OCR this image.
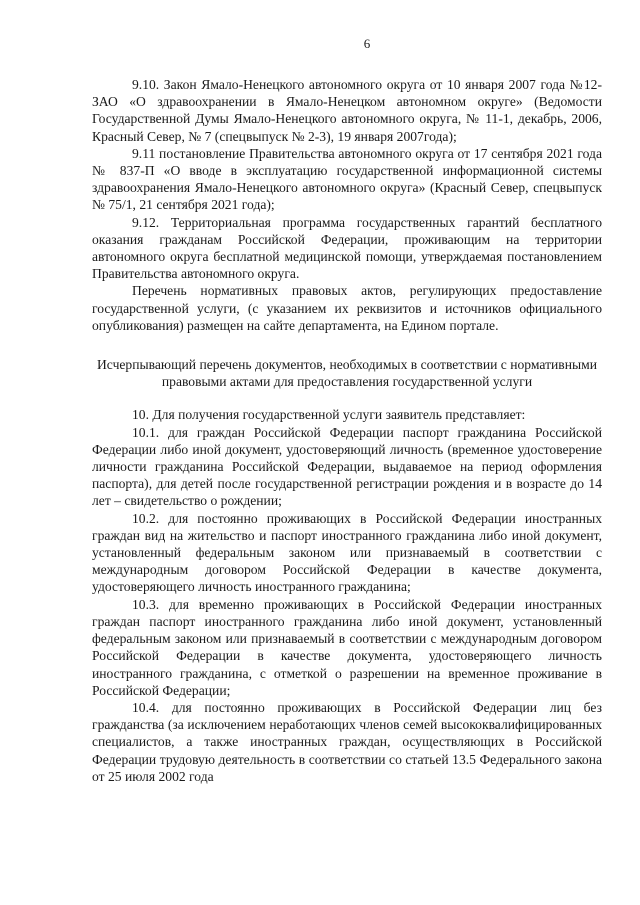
6

9.10. Закон Ямало-Ненецкого автономного округа от 10 января 2007 года №12-ЗАО «О здравоохранении в Ямало-Ненецком автономном округе» (Ведомости Государственной Думы Ямало-Ненецкого автономного округа, № 11-1, декабрь, 2006, Красный Север, № 7 (спецвыпуск № 2-3), 19 января 2007года);

9.11 постановление Правительства автономного округа от 17 сентября 2021 года № 837-П «О вводе в эксплуатацию государственной информационной системы здравоохранения Ямало-Ненецкого автономного округа» (Красный Север, спецвыпуск № 75/1, 21 сентября 2021 года);

9.12. Территориальная программа государственных гарантий бесплатного оказания гражданам Российской Федерации, проживающим на территории автономного округа бесплатной медицинской помощи, утверждаемая постановлением Правительства автономного округа.

Перечень нормативных правовых актов, регулирующих предоставление государственной услуги, (с указанием их реквизитов и источников официального опубликования) размещен на сайте департамента, на Едином портале.

Исчерпывающий перечень документов, необходимых в соответствии с нормативными правовыми актами для предоставления государственной услуги

10. Для получения государственной услуги заявитель представляет:

10.1. для граждан Российской Федерации паспорт гражданина Российской Федерации либо иной документ, удостоверяющий личность (временное удостоверение личности гражданина Российской Федерации, выдаваемое на период оформления паспорта), для детей после государственной регистрации рождения и в возрасте до 14 лет – свидетельство о рождении;

10.2. для постоянно проживающих в Российской Федерации иностранных граждан вид на жительство и паспорт иностранного гражданина либо иной документ, установленный федеральным законом или признаваемый в соответствии с международным договором Российской Федерации в качестве документа, удостоверяющего личность иностранного гражданина;

10.3. для временно проживающих в Российской Федерации иностранных граждан паспорт иностранного гражданина либо иной документ, установленный федеральным законом или признаваемый в соответствии с международным договором Российской Федерации в качестве документа, удостоверяющего личность иностранного гражданина, с отметкой о разрешении на временное проживание в Российской Федерации;

10.4. для постоянно проживающих в Российской Федерации лиц без гражданства (за исключением неработающих членов семей высококвалифицированных специалистов, а также иностранных граждан, осуществляющих в Российской Федерации трудовую деятельность в соответствии со статьей 13.5 Федерального закона от 25 июля 2002 года
